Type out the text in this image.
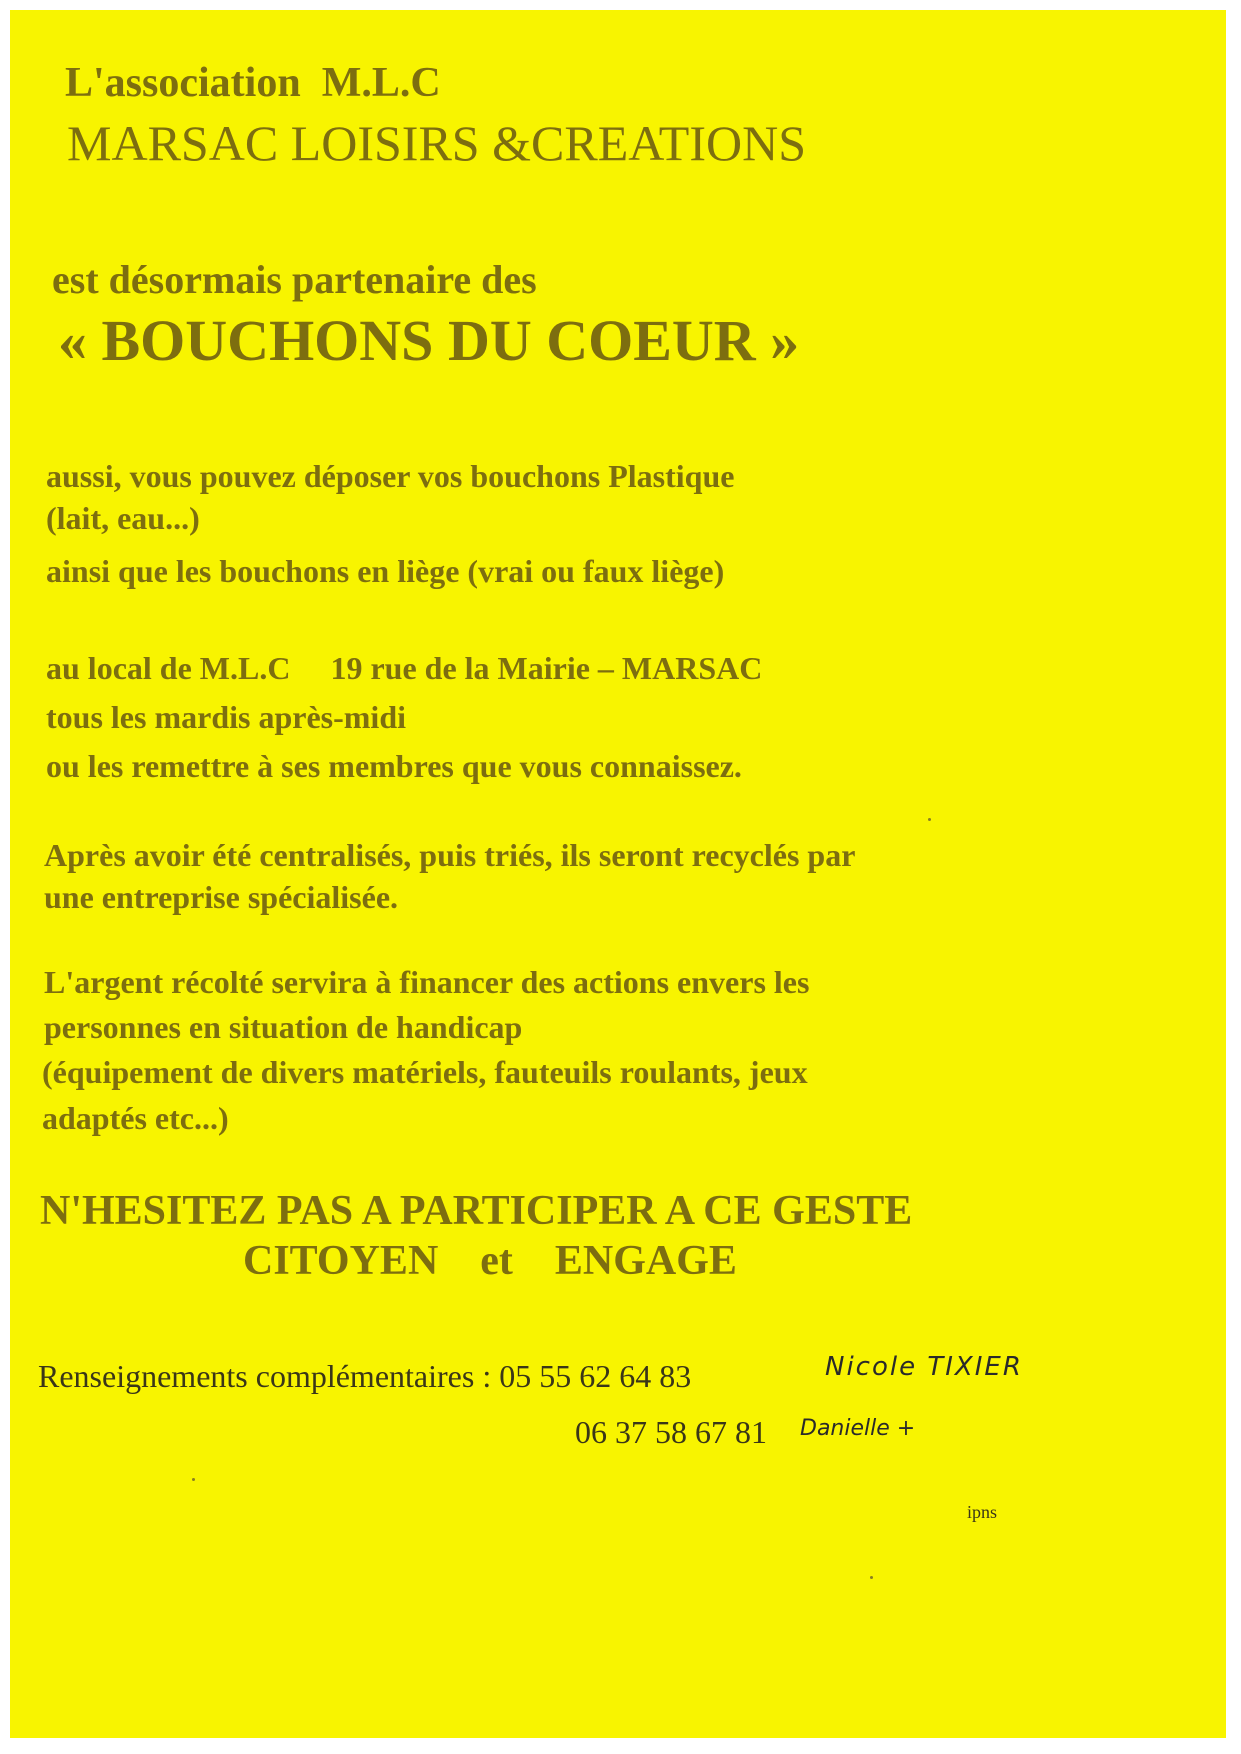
L'association  M.L.C
MARSAC LOISIRS &CREATIONS
est désormais partenaire des
« BOUCHONS DU COEUR »
aussi, vous pouvez déposer vos bouchons Plastique
(lait, eau...)
ainsi que les bouchons en liège (vrai ou faux liège)
au local de M.L.C     19 rue de la Mairie – MARSAC
tous les mardis après-midi
ou les remettre à ses membres que vous connaissez.
Après avoir été centralisés, puis triés, ils seront recyclés par
une entreprise spécialisée.
L'argent récolté servira à financer des actions envers les
personnes en situation de handicap
(équipement de divers matériels, fauteuils roulants, jeux
adaptés etc...)
N'HESITEZ PAS A PARTICIPER A CE GESTE
CITOYEN    et    ENGAGE
Renseignements complémentaires : 05 55 62 64 83
06 37 58 67 81
Nicole TIXIER
Danielle +
ipns
